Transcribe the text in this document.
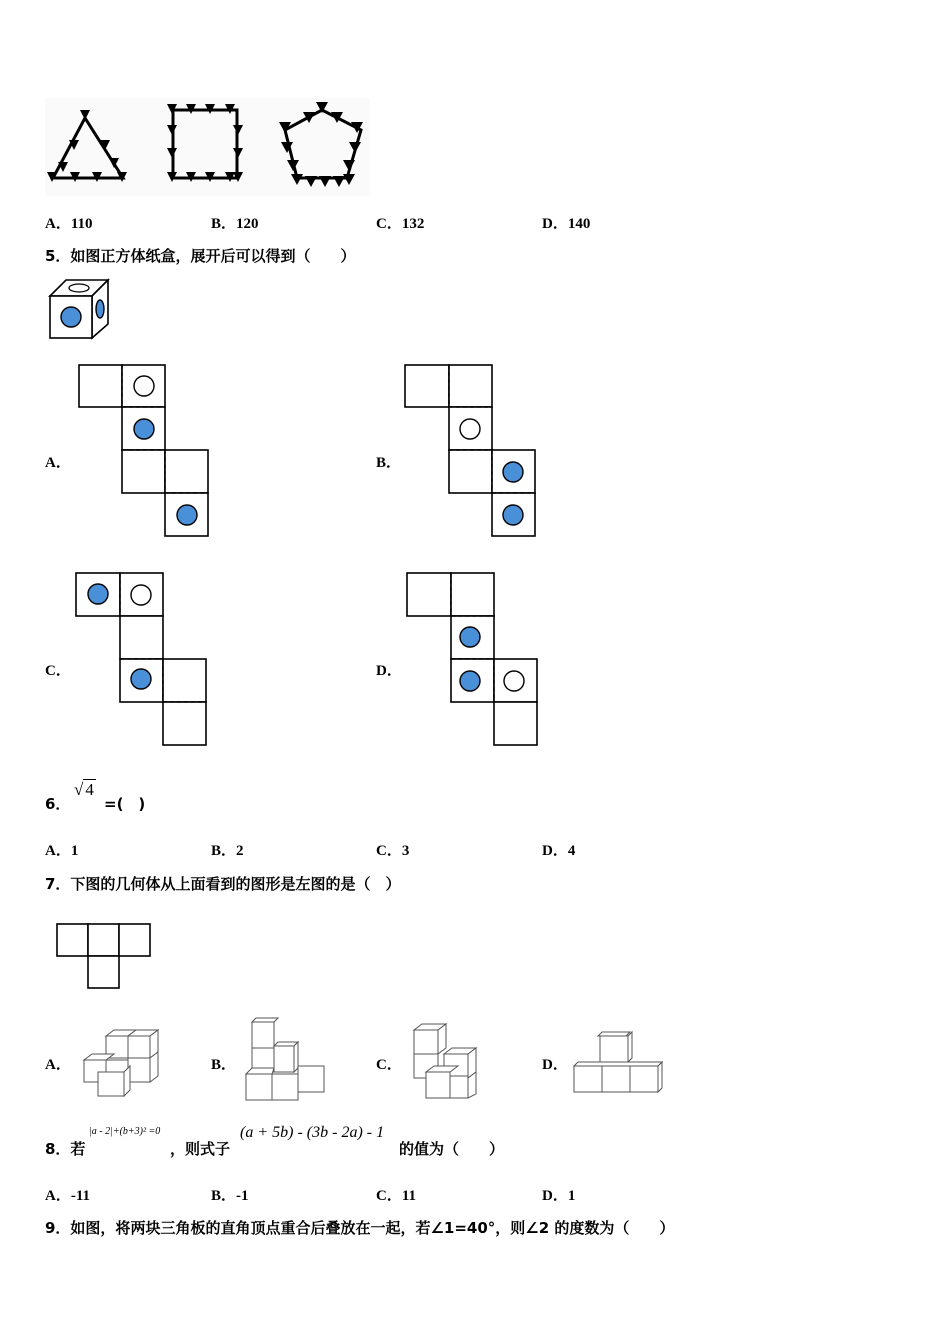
A．110	B．120	C．132	D．140
5．如图正方体纸盒，展开后可以得到（　　）
A．	B．
C．	D．
6．
√ 4
=(　)
A．1	B．2	C．3	D．4
7．下图的几何体从上面看到的图形是左图的是（　）
A．	B．	C．	D．
8．若
|a - 2|+(b+3)² =0
，则式子
(a + 5b) - (3b - 2a) - 1
的值为（　　）
A．-11	B．-1	C．11	D．1
9．如图，将两块三角板的直角顶点重合后叠放在一起，若∠1=40°，则∠2 的度数为（　　）
